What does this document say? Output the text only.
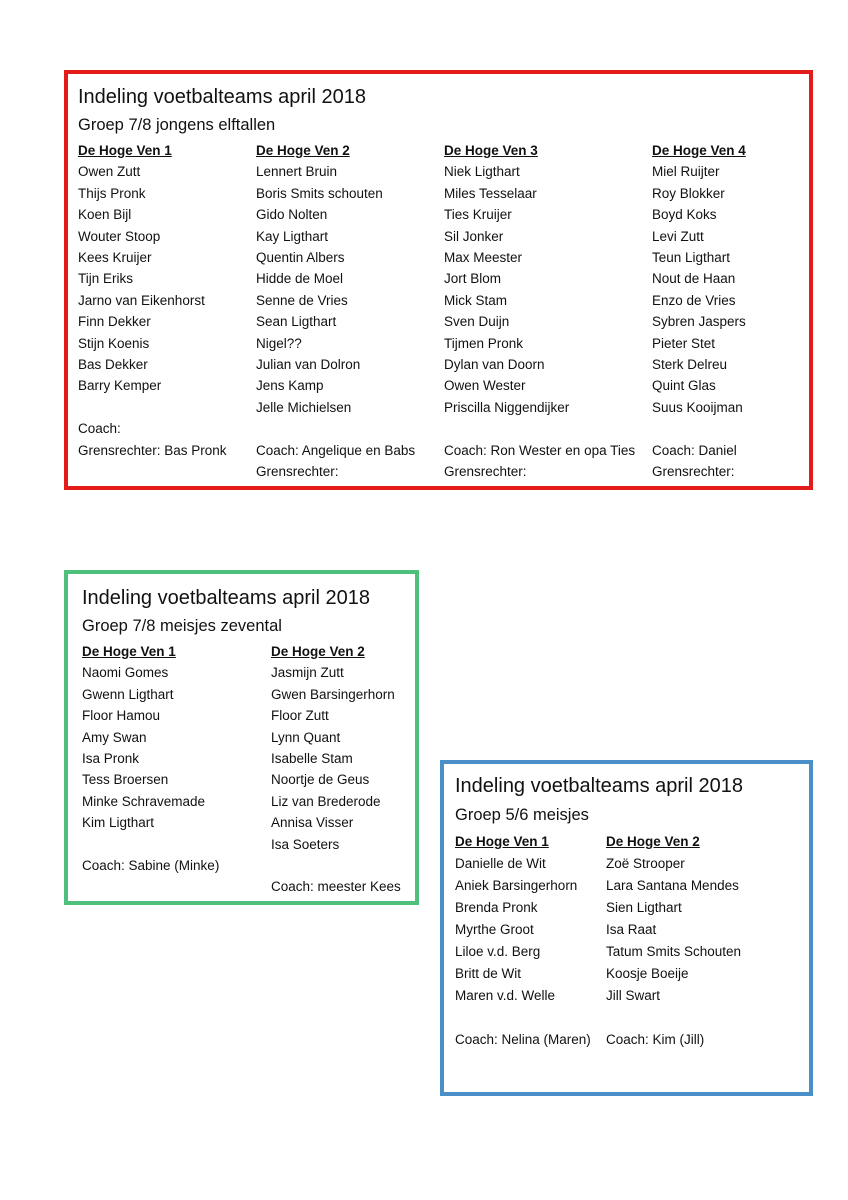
Indeling voetbalteams april 2018
Groep 7/8 jongens elftallen
De Hoge Ven 1
Owen Zutt
Thijs Pronk
Koen Bijl
Wouter Stoop
Kees Kruijer
Tijn Eriks
Jarno van Eikenhorst
Finn Dekker
Stijn Koenis
Bas Dekker
Barry Kemper
Coach:
Grensrechter: Bas Pronk
De Hoge Ven 2
Lennert Bruin
Boris Smits schouten
Gido Nolten
Kay Ligthart
Quentin Albers
Hidde de Moel
Senne de Vries
Sean Ligthart
Nigel??
Julian van Dolron
Jens Kamp
Jelle Michielsen
Coach: Angelique en Babs
Grensrechter:
De Hoge Ven 3
Niek Ligthart
Miles Tesselaar
Ties Kruijer
Sil Jonker
Max Meester
Jort Blom
Mick Stam
Sven Duijn
Tijmen Pronk
Dylan van Doorn
Owen Wester
Priscilla Niggendijker
Coach: Ron Wester en opa Ties
Grensrechter:
De Hoge Ven 4
Miel Ruijter
Roy Blokker
Boyd Koks
Levi Zutt
Teun Ligthart
Nout de Haan
Enzo de Vries
Sybren Jaspers
Pieter Stet
Sterk Delreu
Quint Glas
Suus Kooijman
Coach: Daniel
Grensrechter:
Indeling voetbalteams april 2018
Groep 7/8 meisjes zevental
De Hoge Ven 1
Naomi Gomes
Gwenn Ligthart
Floor Hamou
Amy Swan
Isa Pronk
Tess Broersen
Minke Schravemade
Kim Ligthart
Coach: Sabine (Minke)
De Hoge Ven 2
Jasmijn Zutt
Gwen Barsingerhorn
Floor Zutt
Lynn Quant
Isabelle Stam
Noortje de Geus
Liz van Brederode
Annisa Visser
Isa Soeters
Coach: meester Kees
Indeling voetbalteams april 2018
Groep 5/6 meisjes
De Hoge Ven 1
Danielle de Wit
Aniek Barsingerhorn
Brenda Pronk
Myrthe Groot
Liloe v.d. Berg
Britt de Wit
Maren v.d. Welle
Coach: Nelina (Maren)
De Hoge Ven 2
Zoë Strooper
Lara Santana Mendes
Sien Ligthart
Isa Raat
Tatum Smits Schouten
Koosje Boeije
Jill Swart
Coach: Kim (Jill)
